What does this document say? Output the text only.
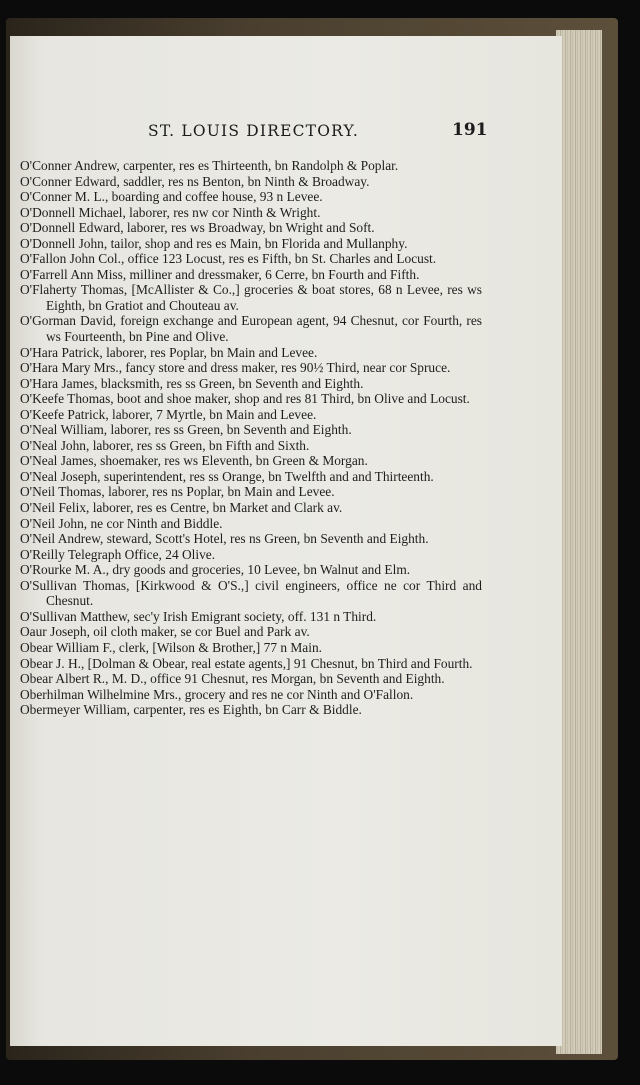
ST. LOUIS DIRECTORY.	191
O'Conner Andrew, carpenter, res es Thirteenth, bn Randolph & Poplar.
O'Conner Edward, saddler, res ns Benton, bn Ninth & Broadway.
O'Conner M. L., boarding and coffee house, 93 n Levee.
O'Donnell Michael, laborer, res nw cor Ninth & Wright.
O'Donnell Edward, laborer, res ws Broadway, bn Wright and Soft.
O'Donnell John, tailor, shop and res es Main, bn Florida and Mullanphy.
O'Fallon John Col., office 123 Locust, res es Fifth, bn St. Charles and Locust.
O'Farrell Ann Miss, milliner and dressmaker, 6 Cerre, bn Fourth and Fifth.
O'Flaherty Thomas, [McAllister & Co.,] groceries & boat stores, 68 n Levee, res ws Eighth, bn Gratiot and Chouteau av.
O'Gorman David, foreign exchange and European agent, 94 Chesnut, cor Fourth, res ws Fourteenth, bn Pine and Olive.
O'Hara Patrick, laborer, res Poplar, bn Main and Levee.
O'Hara Mary Mrs., fancy store and dress maker, res 90½ Third, near cor Spruce.
O'Hara James, blacksmith, res ss Green, bn Seventh and Eighth.
O'Keefe Thomas, boot and shoe maker, shop and res 81 Third, bn Olive and Locust.
O'Keefe Patrick, laborer, 7 Myrtle, bn Main and Levee.
O'Neal William, laborer, res ss Green, bn Seventh and Eighth.
O'Neal John, laborer, res ss Green, bn Fifth and Sixth.
O'Neal James, shoemaker, res ws Eleventh, bn Green & Morgan.
O'Neal Joseph, superintendent, res ss Orange, bn Twelfth and and Thirteenth.
O'Neil Thomas, laborer, res ns Poplar, bn Main and Levee.
O'Neil Felix, laborer, res es Centre, bn Market and Clark av.
O'Neil John, ne cor Ninth and Biddle.
O'Neil Andrew, steward, Scott's Hotel, res ns Green, bn Seventh and Eighth.
O'Reilly Telegraph Office, 24 Olive.
O'Rourke M. A., dry goods and groceries, 10 Levee, bn Walnut and Elm.
O'Sullivan Thomas, [Kirkwood & O'S.,] civil engineers, office ne cor Third and Chesnut.
O'Sullivan Matthew, sec'y Irish Emigrant society, off. 131 n Third.
Oaur Joseph, oil cloth maker, se cor Buel and Park av.
Obear William F., clerk, [Wilson & Brother,] 77 n Main.
Obear J. H., [Dolman & Obear, real estate agents,] 91 Chesnut, bn Third and Fourth.
Obear Albert R., M. D., office 91 Chesnut, res Morgan, bn Seventh and Eighth.
Oberhilman Wilhelmine Mrs., grocery and res ne cor Ninth and O'Fallon.
Obermeyer William, carpenter, res es Eighth, bn Carr & Biddle.
